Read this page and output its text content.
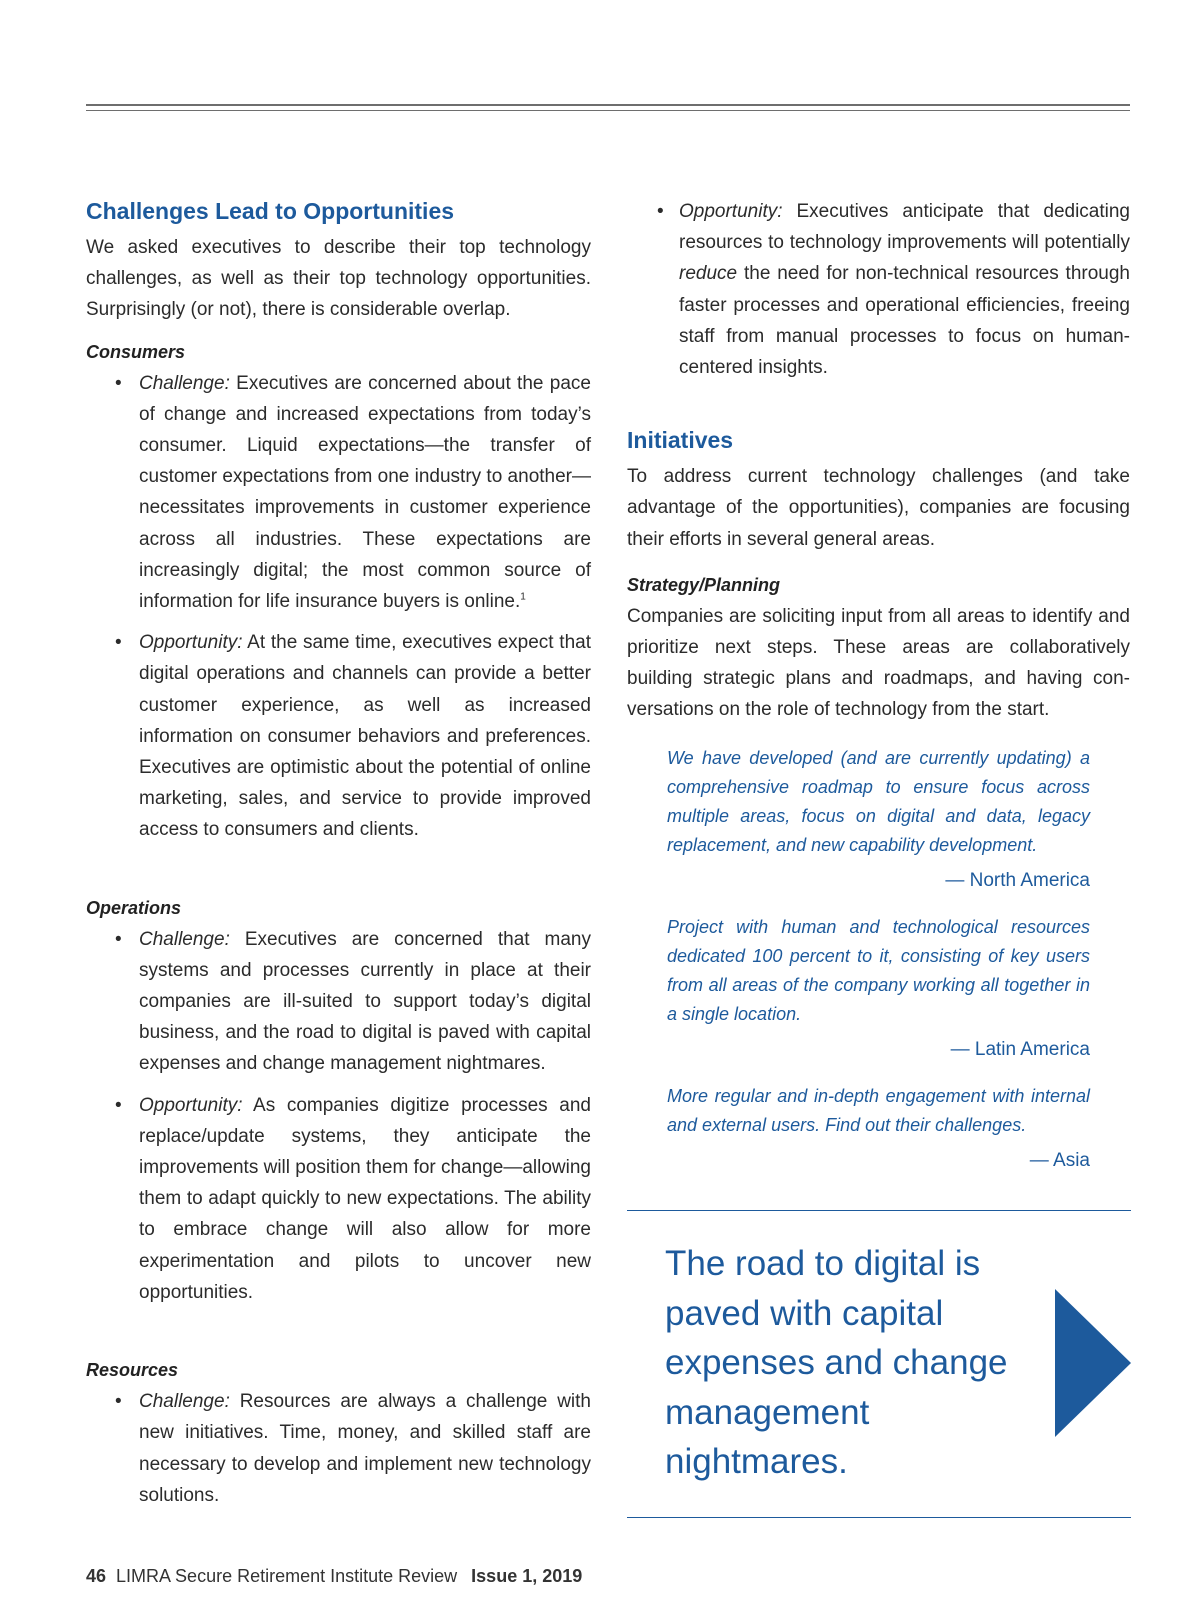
Challenges Lead to Opportunities

We asked executives to describe their top technology challenges, as well as their top technology opportunities. Surprisingly (or not), there is considerable overlap.

Consumers
• Challenge: Executives are concerned about the pace of change and increased expectations from today’s consumer. Liquid expectations—the transfer of customer expectations from one industry to another—necessitates improvements in customer experience across all industries. These expectations are increasingly digital; the most common source of information for life insurance buyers is online.$^1$

• Opportunity: At the same time, executives expect that digital operations and channels can provide a better customer experience, as well as increased information on consumer behaviors and preferences. Executives are optimistic about the potential of online marketing, sales, and service to provide improved access to consumers and clients.

Operations
• Challenge: Executives are concerned that many systems and processes currently in place at their companies are ill-suited to support today’s digital business, and the road to digital is paved with capital expenses and change management nightmares.

• Opportunity: As companies digitize processes and replace/update systems, they anticipate the improvements will position them for change—allowing them to adapt quickly to new expectations. The ability to embrace change will also allow for more experimentation and pilots to uncover new opportunities.

Resources
• Challenge: Resources are always a challenge with new initiatives. Time, money, and skilled staff are necessary to develop and implement new technology solutions.

• Opportunity: Executives anticipate that dedicating resources to technology improvements will potentially reduce the need for non-technical resources through faster processes and operational efficiencies, freeing staff from manual processes to focus on human-centered insights.

Initiatives

To address current technology challenges (and take advantage of the opportunities), companies are focusing their efforts in several general areas.

Strategy/Planning

Companies are soliciting input from all areas to identify and prioritize next steps. These areas are collaboratively building strategic plans and roadmaps, and having conversations on the role of technology from the start.

We have developed (and are currently updating) a comprehensive roadmap to ensure focus across multiple areas, focus on digital and data, legacy replacement, and new capability development.

— North America

Project with human and technological resources dedicated 100 percent to it, consisting of key users from all areas of the company working all together in a single location.

— Latin America

More regular and in-depth engagement with internal and external users. Find out their challenges.

— Asia
The road to digital is paved with capital expenses and change management nightmares.
46 LIMRA Secure Retirement Institute Review Issue 1, 2019
